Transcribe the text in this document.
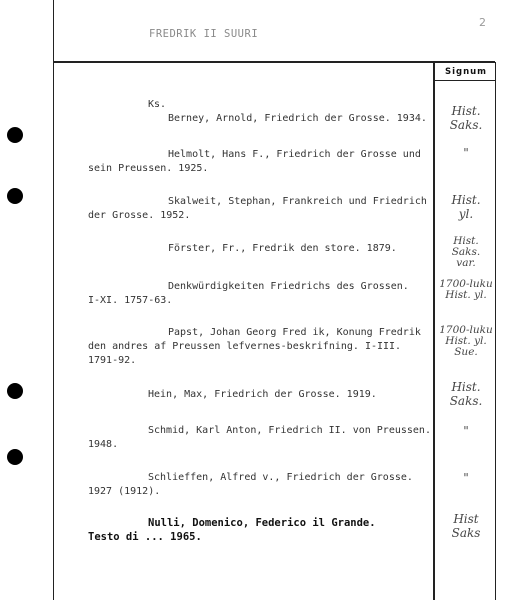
2
FREDRIK II SUURI
Signum
Ks.
Berney, Arnold, Friedrich der Grosse. 1934.
Hist.
Saks.
Helmolt, Hans F., Friedrich der Grosse und
sein Preussen. 1925.
"
Skalweit, Stephan, Frankreich und Friedrich
der Grosse. 1952.
Hist.
yl.
Förster, Fr., Fredrik den store. 1879.
Hist.
Saks.
var.
Denkwürdigkeiten Friedrichs des Grossen.
I-XI. 1757-63.
1700-luku
Hist. yl.
Papst, Johan Georg Fred ik, Konung Fredrik
den andres af Preussen lefvernes-beskrifning. I-III.
1791-92.
1700-luku
Hist. yl.
Sue.
Hein, Max, Friedrich der Grosse. 1919.
Hist.
Saks.
Schmid, Karl Anton, Friedrich II. von Preussen.
1948.
"
Schlieffen, Alfred v., Friedrich der Grosse.
1927 (1912).
"
Nulli, Domenico, Federico il Grande.
Testo di ... 1965.
Hist
Saks
